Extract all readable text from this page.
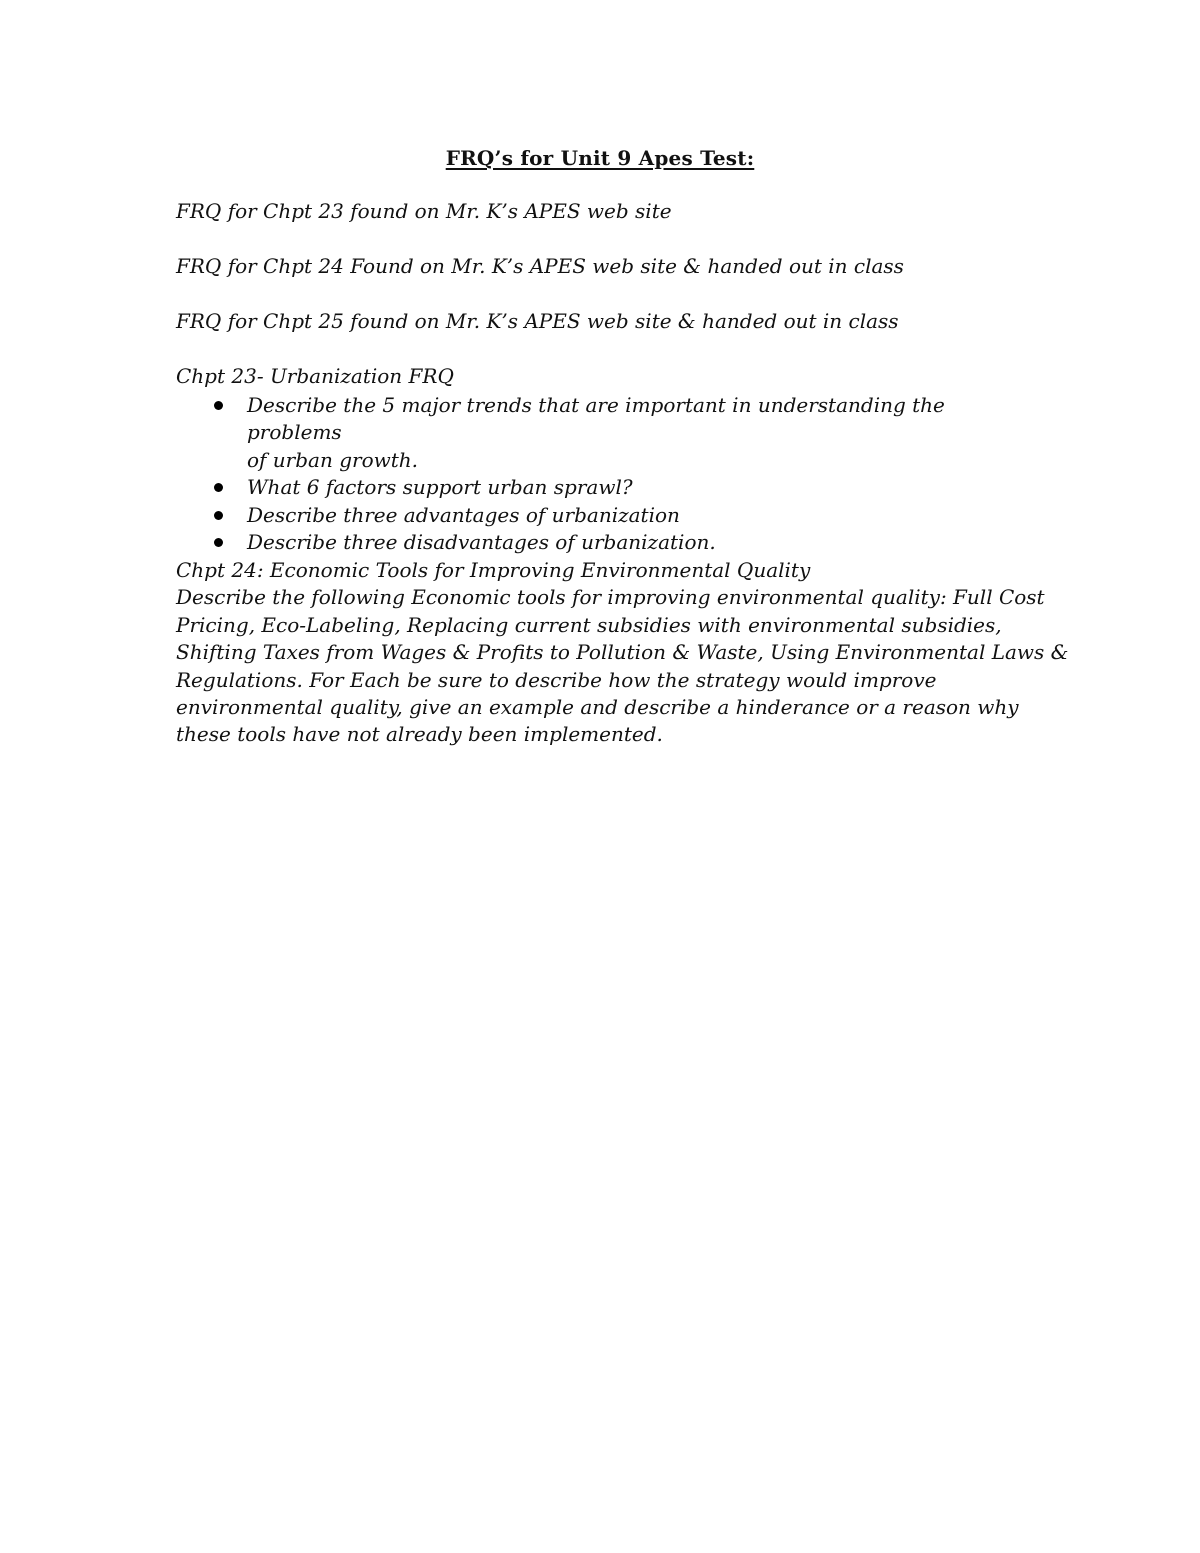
FRQ’s for Unit 9 Apes Test:
FRQ for Chpt 23 found on Mr. K’s APES web site
FRQ for Chpt 24 Found on Mr. K’s APES web site & handed out in class
FRQ for Chpt 25 found on Mr. K’s APES web site & handed out in class
Chpt 23- Urbanization FRQ
Describe the 5 major trends that are important in understanding the problems
of urban growth.
What 6 factors support urban sprawl?
Describe three advantages of urbanization
Describe three disadvantages of urbanization.
Chpt 24: Economic Tools for Improving Environmental Quality
Describe the following Economic tools for improving environmental quality: Full Cost
Pricing, Eco-Labeling, Replacing current subsidies with environmental subsidies,
Shifting Taxes from Wages & Profits to Pollution & Waste, Using Environmental Laws &
Regulations. For Each be sure to describe how the strategy would improve
environmental quality, give an example and describe a hinderance or a reason why
these tools have not already been implemented.
